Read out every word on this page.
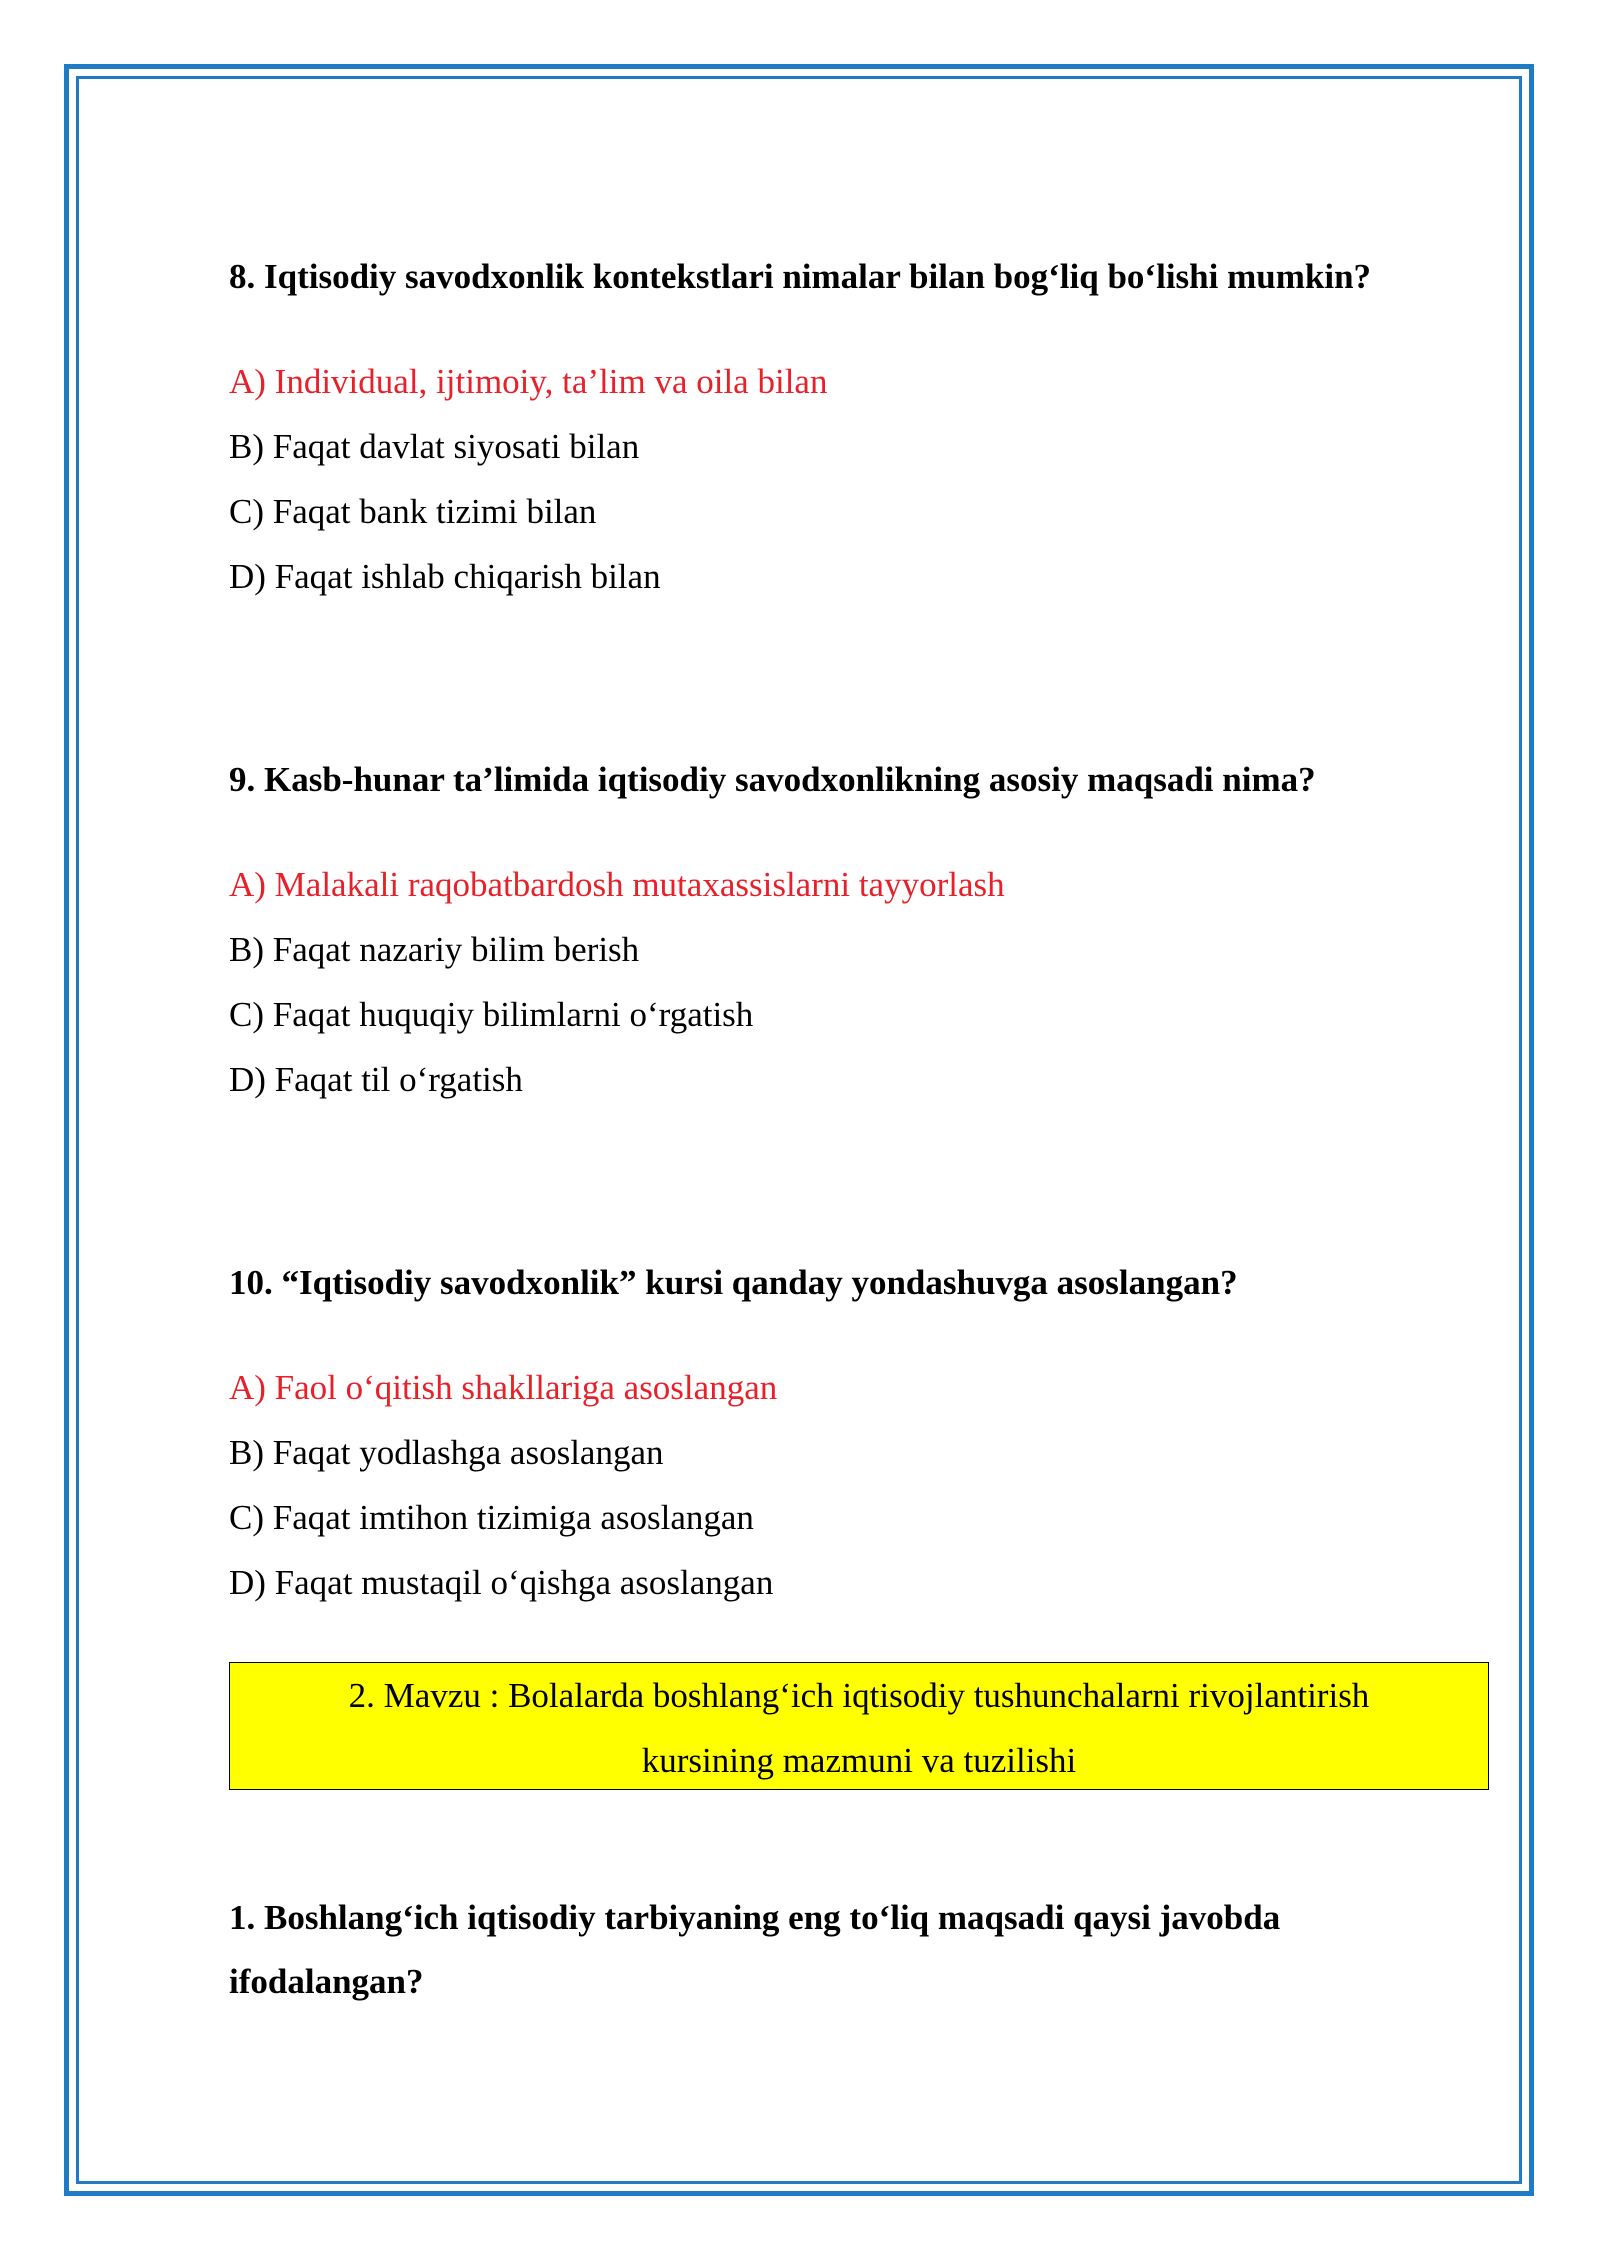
8. Iqtisodiy savodxonlik kontekstlari nimalar bilan bog‘liq bo‘lishi mumkin?
A) Individual, ijtimoiy, ta’lim va oila bilan
B) Faqat davlat siyosati bilan
C) Faqat bank tizimi bilan
D) Faqat ishlab chiqarish bilan
9. Kasb-hunar ta’limida iqtisodiy savodxonlikning asosiy maqsadi nima?
A) Malakali raqobatbardosh mutaxassislarni tayyorlash
B) Faqat nazariy bilim berish
C) Faqat huquqiy bilimlarni o‘rgatish
D) Faqat til o‘rgatish
10. “Iqtisodiy savodxonlik” kursi qanday yondashuvga asoslangan?
A) Faol o‘qitish shakllariga asoslangan
B) Faqat yodlashga asoslangan
C) Faqat imtihon tizimiga asoslangan
D) Faqat mustaqil o‘qishga asoslangan
1. Boshlang‘ich iqtisodiy tarbiyaning eng to‘liq maqsadi qaysi javobda
ifodalangan?
2. Mavzu : Bolalarda boshlang‘ich iqtisodiy tushunchalarni rivojlantirish
kursining mazmuni va tuzilishi
